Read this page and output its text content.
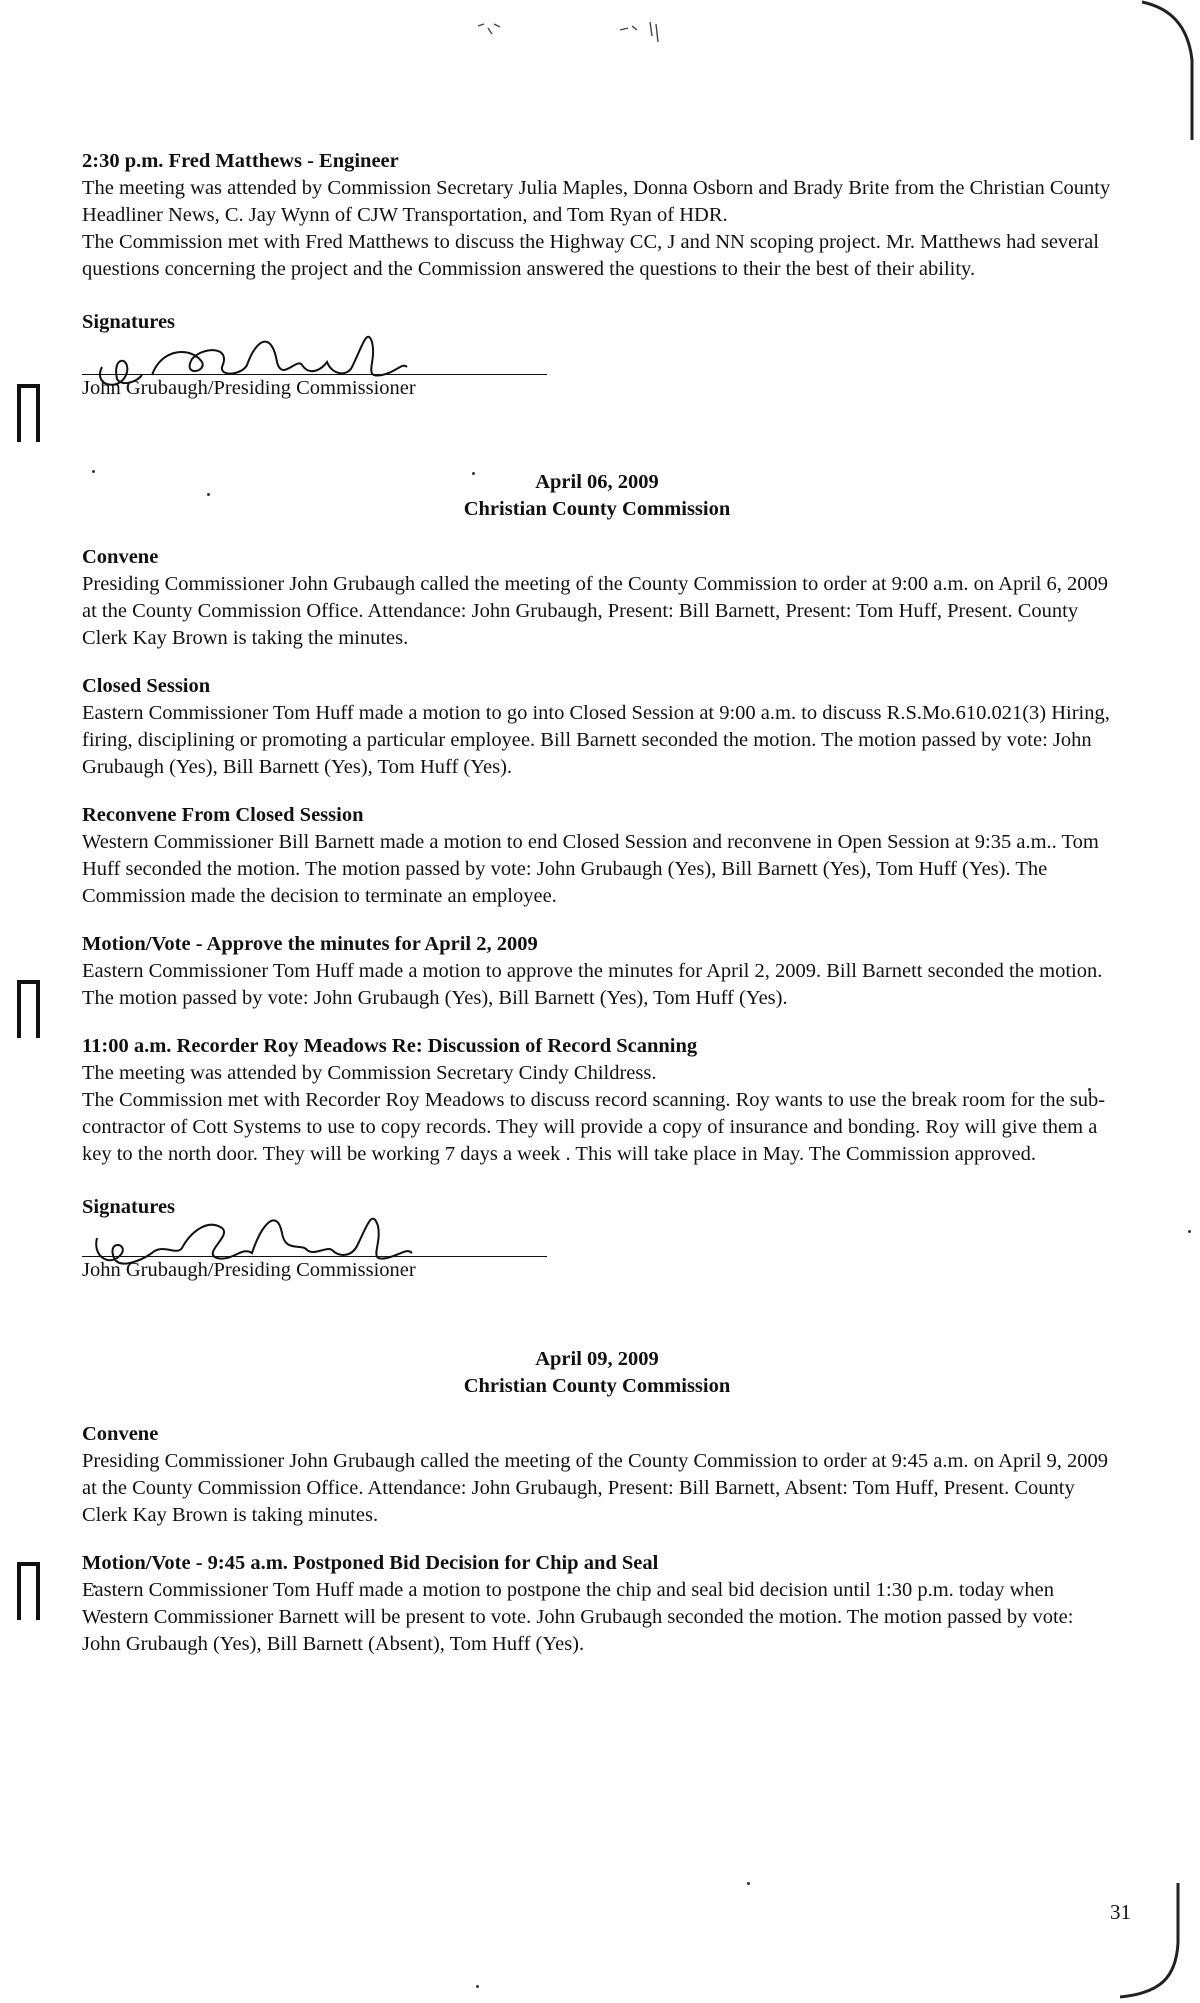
2:30 p.m. Fred Matthews - Engineer

The meeting was attended by Commission Secretary Julia Maples, Donna Osborn and Brady Brite from the Christian County Headliner News, C. Jay Wynn of CJW Transportation, and Tom Ryan of HDR.

The Commission met with Fred Matthews to discuss the Highway CC, J and NN scoping project. Mr. Matthews had several questions concerning the project and the Commission answered the questions to their the best of their ability.

Signatures

John Grubaugh/Presiding Commissioner

April 06, 2009

Christian County Commission

Convene

Presiding Commissioner John Grubaugh called the meeting of the County Commission to order at 9:00 a.m. on April 6, 2009 at the County Commission Office. Attendance: John Grubaugh, Present: Bill Barnett, Present: Tom Huff, Present. County Clerk Kay Brown is taking the minutes.

Closed Session

Eastern Commissioner Tom Huff made a motion to go into Closed Session at 9:00 a.m. to discuss R.S.Mo.610.021(3) Hiring, firing, disciplining or promoting a particular employee. Bill Barnett seconded the motion. The motion passed by vote: John Grubaugh (Yes), Bill Barnett (Yes), Tom Huff (Yes).

Reconvene From Closed Session

Western Commissioner Bill Barnett made a motion to end Closed Session and reconvene in Open Session at 9:35 a.m.. Tom Huff seconded the motion. The motion passed by vote: John Grubaugh (Yes), Bill Barnett (Yes), Tom Huff (Yes). The Commission made the decision to terminate an employee.

Motion/Vote - Approve the minutes for April 2, 2009

Eastern Commissioner Tom Huff made a motion to approve the minutes for April 2, 2009. Bill Barnett seconded the motion. The motion passed by vote: John Grubaugh (Yes), Bill Barnett (Yes), Tom Huff (Yes).

11:00 a.m. Recorder Roy Meadows Re: Discussion of Record Scanning

The meeting was attended by Commission Secretary Cindy Childress.

The Commission met with Recorder Roy Meadows to discuss record scanning. Roy wants to use the break room for the sub-contractor of Cott Systems to use to copy records. They will provide a copy of insurance and bonding. Roy will give them a key to the north door. They will be working 7 days a week . This will take place in May. The Commission approved.

Signatures

John Grubaugh/Presiding Commissioner

April 09, 2009

Christian County Commission

Convene

Presiding Commissioner John Grubaugh called the meeting of the County Commission to order at 9:45 a.m. on April 9, 2009 at the County Commission Office. Attendance: John Grubaugh, Present: Bill Barnett, Absent: Tom Huff, Present. County Clerk Kay Brown is taking minutes.

Motion/Vote - 9:45 a.m. Postponed Bid Decision for Chip and Seal

Eastern Commissioner Tom Huff made a motion to postpone the chip and seal bid decision until 1:30 p.m. today when Western Commissioner Barnett will be present to vote. John Grubaugh seconded the motion. The motion passed by vote: John Grubaugh (Yes), Bill Barnett (Absent), Tom Huff (Yes).

31
